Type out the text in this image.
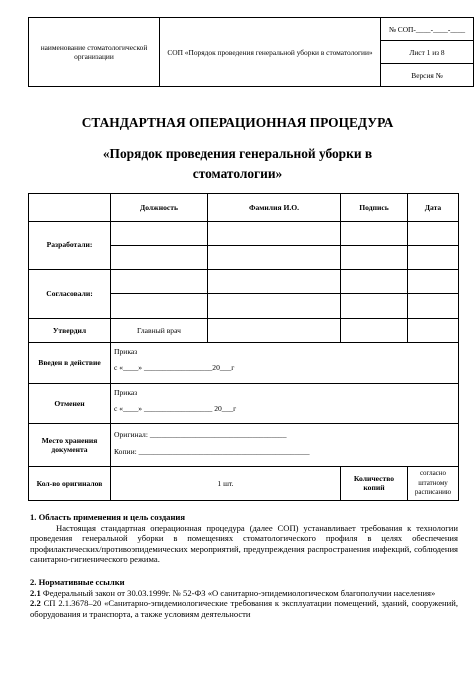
наименование стоматологической организации	СОП «Порядок проведения генеральной уборки в стоматологии»	№ СОП-____-____-____
Лист 1 из 8
Версия №
СТАНДАРТНАЯ ОПЕРАЦИОННАЯ ПРОЦЕДУРА
«Порядок проведения генеральной уборки в стоматологии»
	Должность	Фамилия И.О.	Подпись	Дата
Разработали:				

Согласовали:				

Утвердил	Главный врач			
Введен в действие	Приказ
с «____» __________________20___г			

Отменен	Приказ
с «____» __________________ 20___г			

Место хранения документа	Оригинал: ____________________________________
Копии: _____________________________________________			

Кол-во оригиналов	1 шт.		Количество копий	согласно штатному расписанию

1. Область применения и цель создания

Настоящая стандартная операционная процедура (далее СОП) устанавливает требования к технологии проведения генеральной уборки в помещениях стоматологического профиля в целях обеспечения профилактических/противоэпидемических мероприятий, предупреждения распространения инфекций, соблюдения санитарно-гигиенического режима.

2. Нормативные ссылки

2.1 Федеральный закон от 30.03.1999г. № 52-ФЗ «О санитарно-эпидемиологическом благополучии населения»

2.2 СП 2.1.3678–20 «Санитарно-эпидемиологические требования к эксплуатации помещений, зданий, сооружений, оборудования и транспорта, а также условиям деятельности
